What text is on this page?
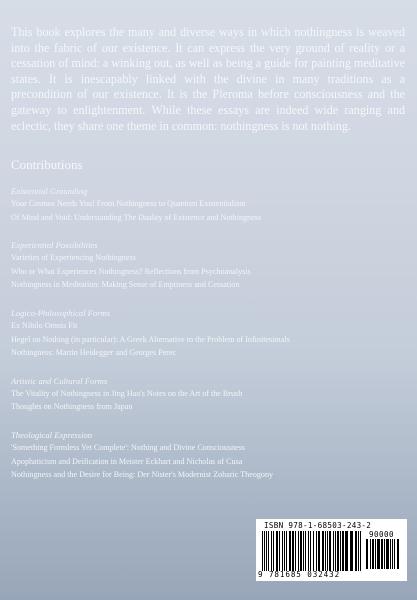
This book explores the many and diverse ways in which nothingness is weaved into the fabric of our existence. It can express the very ground of reality or a cessation of mind: a winking out, as well as being a guide for painting meditative states. It is inescapably linked with the divine in many traditions as a precondition of our existence. It is the Pleroma before consciousness and the gateway to enlightenment. While these essays are indeed wide ranging and eclectic, they share one theme in common: nothingness is not nothing.
Contributions
Existential Grounding
Your Cosmos Needs You! From Nothingness to Quantum Existentialism
Of Mind and Void: Understanding The Duality of Existence and Nothingness
Experiential Possibilities
Varieties of Experiencing Nothingness
Who or What Experiences Nothingness? Reflections from Psychoanalysis
Nothingness in Meditation: Making Sense of Emptiness and Cessation
Logico-Philosophical Forms
Ex Nihilo Omnis Fit
Hegel on Nothing (in particular): A Greek Alternative to the Problem of Infinitesimals
Nothingness: Martin Heidegger and Georges Perec
Artistic and Cultural Forms
The Vitality of Nothingness in Jing Hao's Notes on the Art of the Brush
Thoughts on Nothingness from Japan
Theological Expression
'Something Formless Yet Complete': Nothing and Divine Consciousness
Apophaticism and Deification in Meister Eckhart and Nicholas of Cusa
Nothingness and the Desire for Being: Der Nister's Modernist Zoharic Theogony
ISBN 978-1-68503-243-2
90000
9 781685 032432
